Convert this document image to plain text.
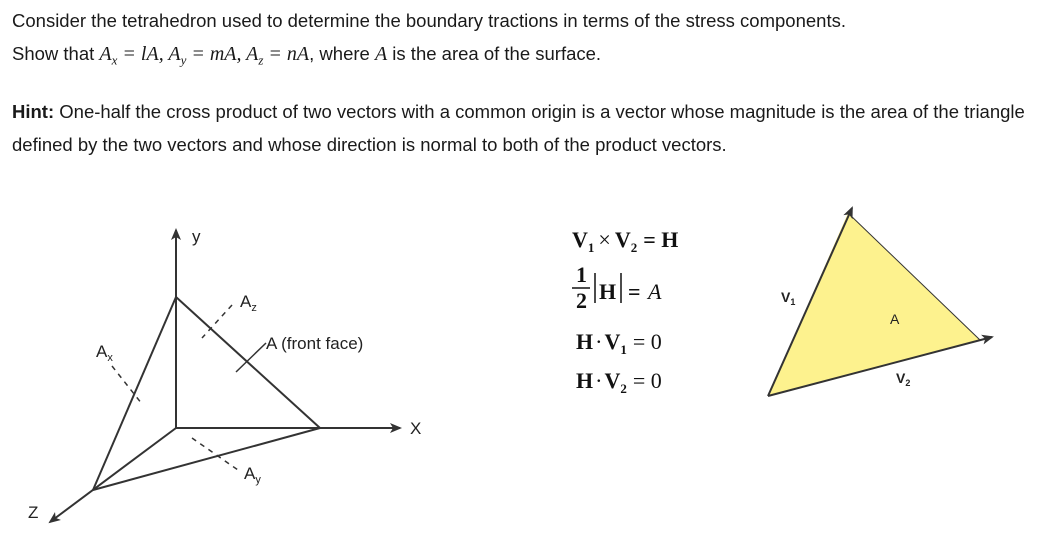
Consider the tetrahedron used to determine the boundary tractions in terms of the stress components.
Show that $A_x$ = lA, $A_y$ = mA, $A_z$ = nA, where A is the area of the surface.

Hint: One-half the cross product of two vectors with a common origin is a vector whose magnitude is the area of the triangle defined by the two vectors and whose direction is normal to both of the product vectors.

y
X
Z
$A_x$
$A_z$
$A_y$
A (front face)
$V_1 \times V_2 = H$
1
2 H = A
$H\cdot V_1 = 0$
$H\cdot V_2 = 0$
$V_1$
$V_2$
A
